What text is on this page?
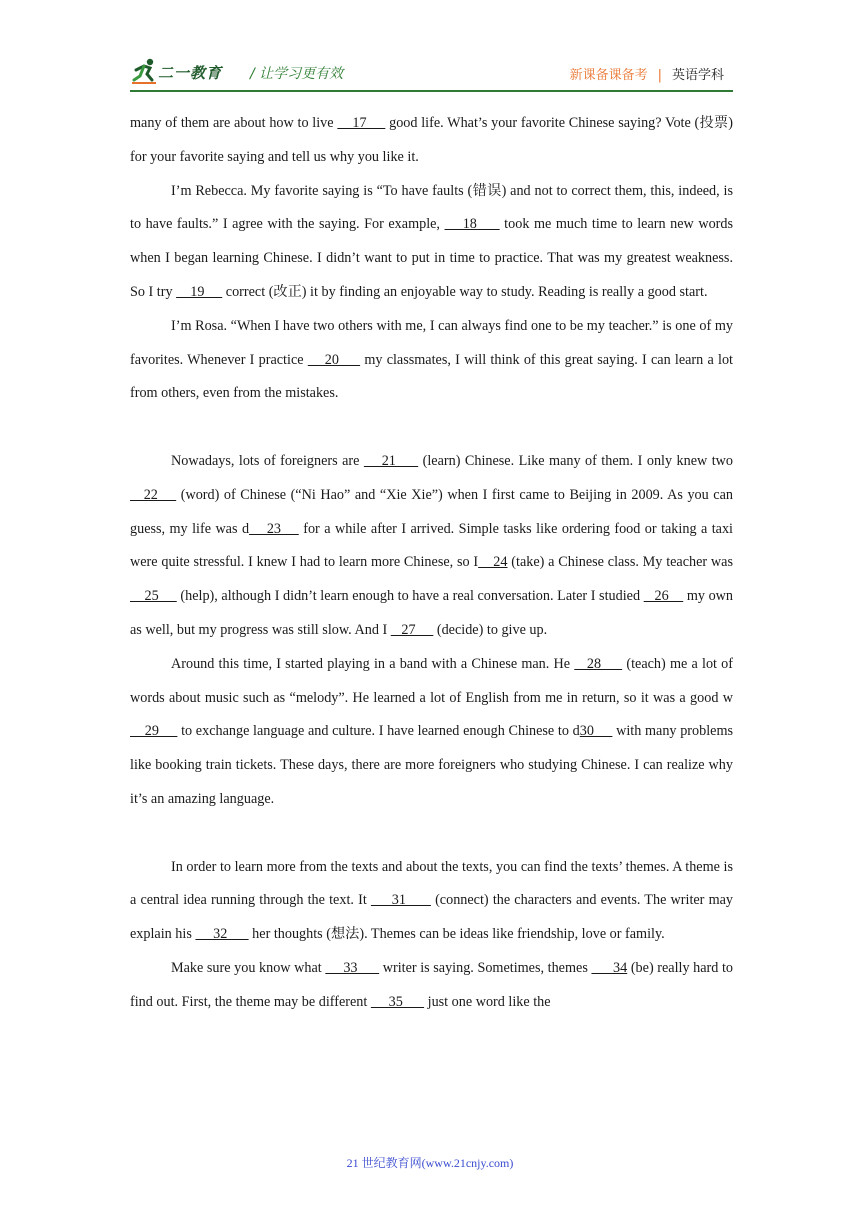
二一教育 / 让学习更有效	新课备课备考 | 英语学科

many of them are about how to live     17      good life. What’s your favorite Chinese saying? Vote (投票) for your favorite saying and tell us why you like it.

I’m Rebecca. My favorite saying is “To have faults (错误) and not to correct them, this, indeed, is to have faults.” I agree with the saying. For example,     18      took me much time to learn new words when I began learning Chinese. I didn’t want to put in time to practice. That was my greatest weakness. So I try     19      correct (改正) it by finding an enjoyable way to study. Reading is really a good start.

I’m Rosa. “When I have two others with me, I can always find one to be my teacher.” is one of my favorites. Whenever I practice     20      my classmates, I will think of this great saying. I can learn a lot from others, even from the mistakes.

Nowadays, lots of foreigners are     21      (learn) Chinese. Like many of them. I only knew two    22     (word) of Chinese (“Ni Hao” and “Xie Xie”) when I first came to Beijing in 2009. As you can guess, my life was d    23     for a while after I arrived. Simple tasks like ordering food or taking a taxi were quite stressful. I knew I had to learn more Chinese, so I    24 (take) a Chinese class. My teacher was     25      (help), although I didn’t learn enough to have a real conversation. Later I studied    26     my own as well, but my progress was still slow. And I    27      (decide) to give up.

Around this time, I started playing in a band with a Chinese man. He    28      (teach) me a lot of words about music such as “melody”. He learned a lot of English from me in return, so it was a good w    29      to exchange language and culture. I have learned enough Chinese to d30      with many problems like booking train tickets. These days, there are more foreigners who studying Chinese. I can realize why it’s an amazing language.

In order to learn more from the texts and about the texts, you can find the texts’ themes. A theme is a central idea running through the text. It      31       (connect) the characters and events. The writer may explain his      32       her thoughts (想法). Themes can be ideas like friendship, love or family.

Make sure you know what      33       writer is saying. Sometimes, themes       34 (be) really hard to find out. First, the theme may be different      35       just one word like the

21 世纪教育网(www.21cnjy.com)
